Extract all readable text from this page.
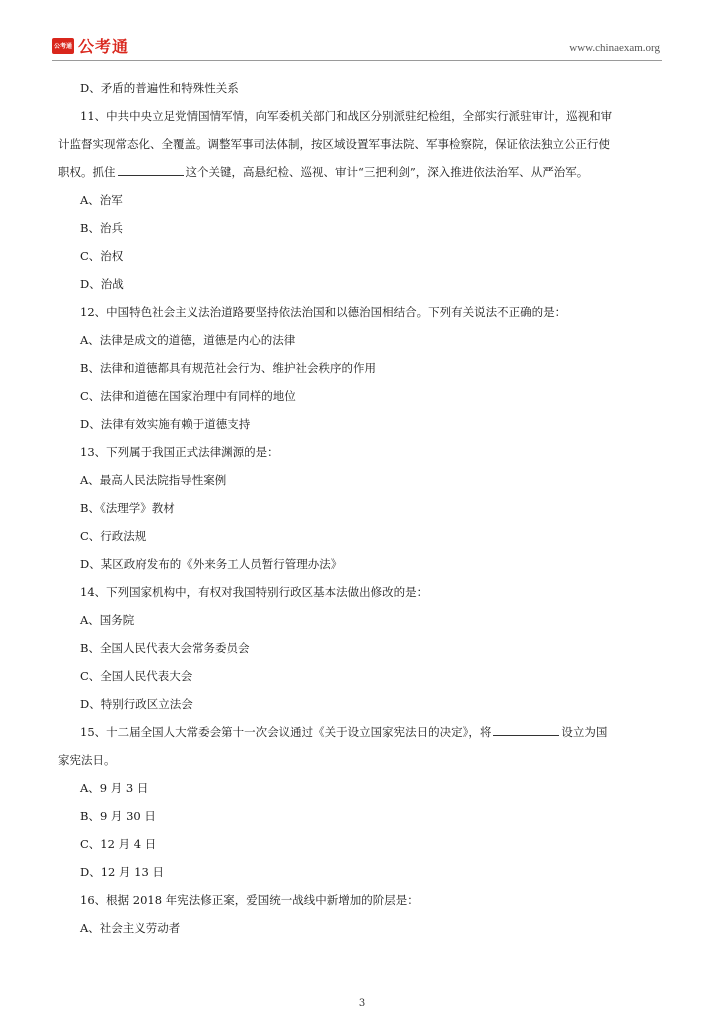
公考通 公考通	www.chinaexam.org
D、矛盾的普遍性和特殊性关系
11、中共中央立足党情国情军情，向军委机关部门和战区分别派驻纪检组，全部实行派驻审计，巡视和审
计监督实现常态化、全覆盖。调整军事司法体制，按区域设置军事法院、军事检察院，保证依法独立公正行使
职权。抓住	这个关键，高悬纪检、巡视、审计“三把利剑”，深入推进依法治军、从严治军。
A、治军
B、治兵
C、治权
D、治战
12、中国特色社会主义法治道路要坚持依法治国和以德治国相结合。下列有关说法不正确的是：
A、法律是成文的道德，道德是内心的法律
B、法律和道德都具有规范社会行为、维护社会秩序的作用
C、法律和道德在国家治理中有同样的地位
D、法律有效实施有赖于道德支持
13、下列属于我国正式法律渊源的是：
A、最高人民法院指导性案例
B、《法理学》教材
C、行政法规
D、某区政府发布的《外来务工人员暂行管理办法》
14、下列国家机构中，有权对我国特别行政区基本法做出修改的是：
A、国务院
B、全国人民代表大会常务委员会
C、全国人民代表大会
D、特别行政区立法会
15、十二届全国人大常委会第十一次会议通过《关于设立国家宪法日的决定》，将	设立为国
家宪法日。
A、9 月 3 日
B、9 月 30 日
C、12 月 4 日
D、12 月 13 日
16、根据 2018 年宪法修正案，爱国统一战线中新增加的阶层是：
A、社会主义劳动者
3
